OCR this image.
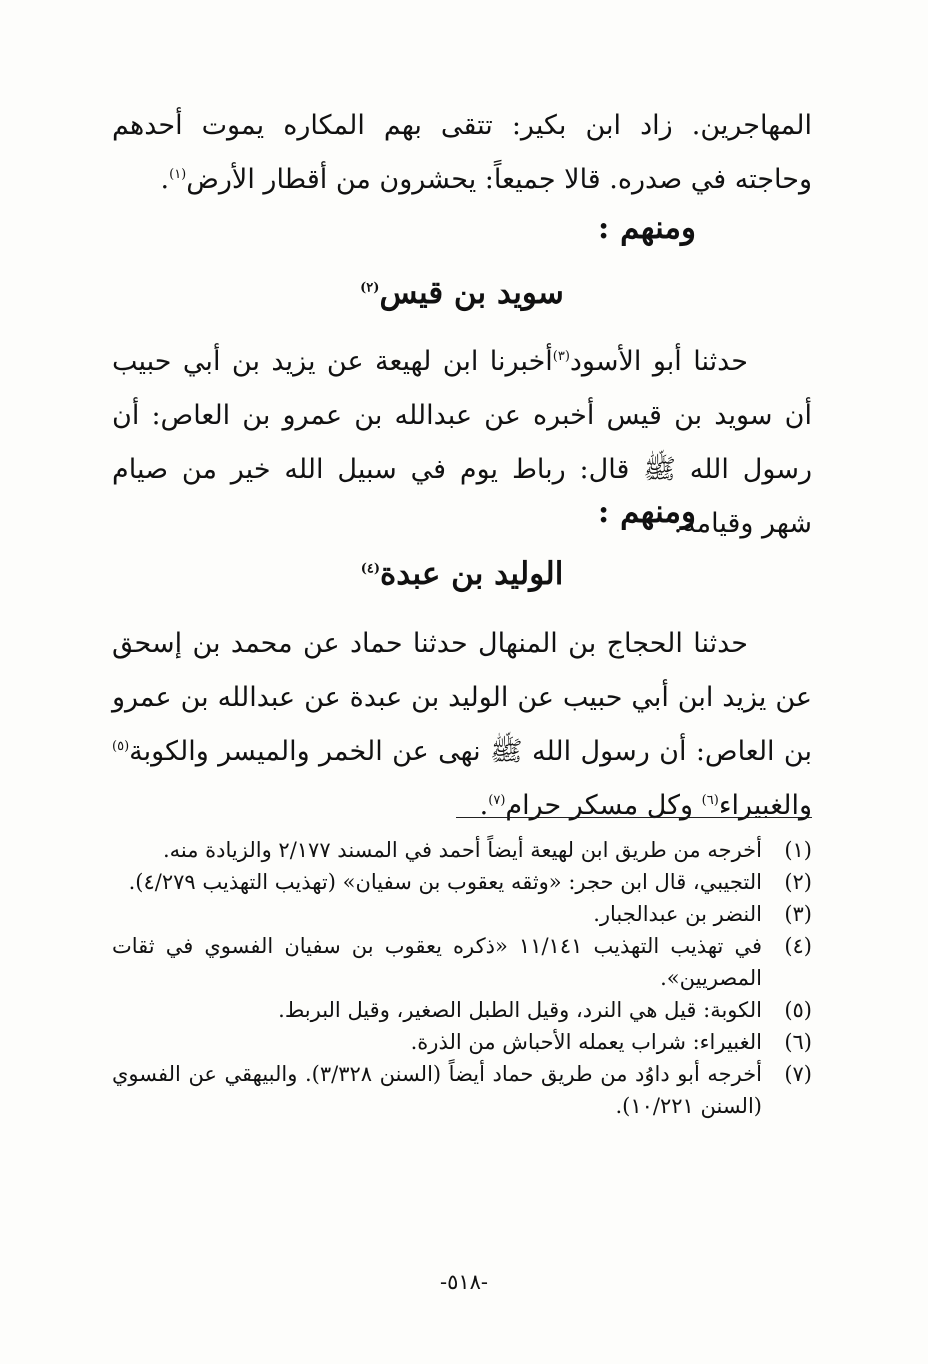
المهاجرين. زاد ابن بكير: تتقى بهم المكاره يموت أحدهم وحاجته في صدره. قالا جميعاً: يحشرون من أقطار الأرض$^{(١)}$.
ومنهم :
سويد بن قيس$^{(٢)}$
حدثنا أبو الأسود$^{(٣)}$أخبرنا ابن لهيعة عن يزيد بن أبي حبيب أن سويد بن قيس أخبره عن عبدالله بن عمرو بن العاص: أن رسول الله ﷺ قال: رباط يوم في سبيل الله خير من صيام شهر وقيامه.
ومنهم :
الوليد بن عبدة$^{(٤)}$
حدثنا الحجاج بن المنهال حدثنا حماد عن محمد بن إسحق عن يزيد ابن أبي حبيب عن الوليد بن عبدة عن عبدالله بن عمرو بن العاص: أن رسول الله ﷺ نهى عن الخمر والميسر والكوبة$^{(٥)}$ والغبيراء$^{(٦)}$ وكل مسكر حرام$^{(٧)}$.
(١)
أخرجه من طريق ابن لهيعة أيضاً أحمد في المسند ٢/١٧٧ والزيادة منه.
(٢)
التجيبي، قال ابن حجر: «وثقه يعقوب بن سفيان» (تهذيب التهذيب ٤/٢٧٩).
(٣)
النضر بن عبدالجبار.
(٤)
في تهذيب التهذيب ١١/١٤١ «ذكره يعقوب بن سفيان الفسوي في ثقات المصريين».
(٥)
الكوبة: قيل هي النرد، وقيل الطبل الصغير، وقيل البربط.
(٦)
الغبيراء: شراب يعمله الأحباش من الذرة.
(٧)
أخرجه أبو داوُد من طريق حماد أيضاً (السنن ٣/٣٢٨). والبيهقي عن الفسوي (السنن ١٠/٢٢١).
-٥١٨-
